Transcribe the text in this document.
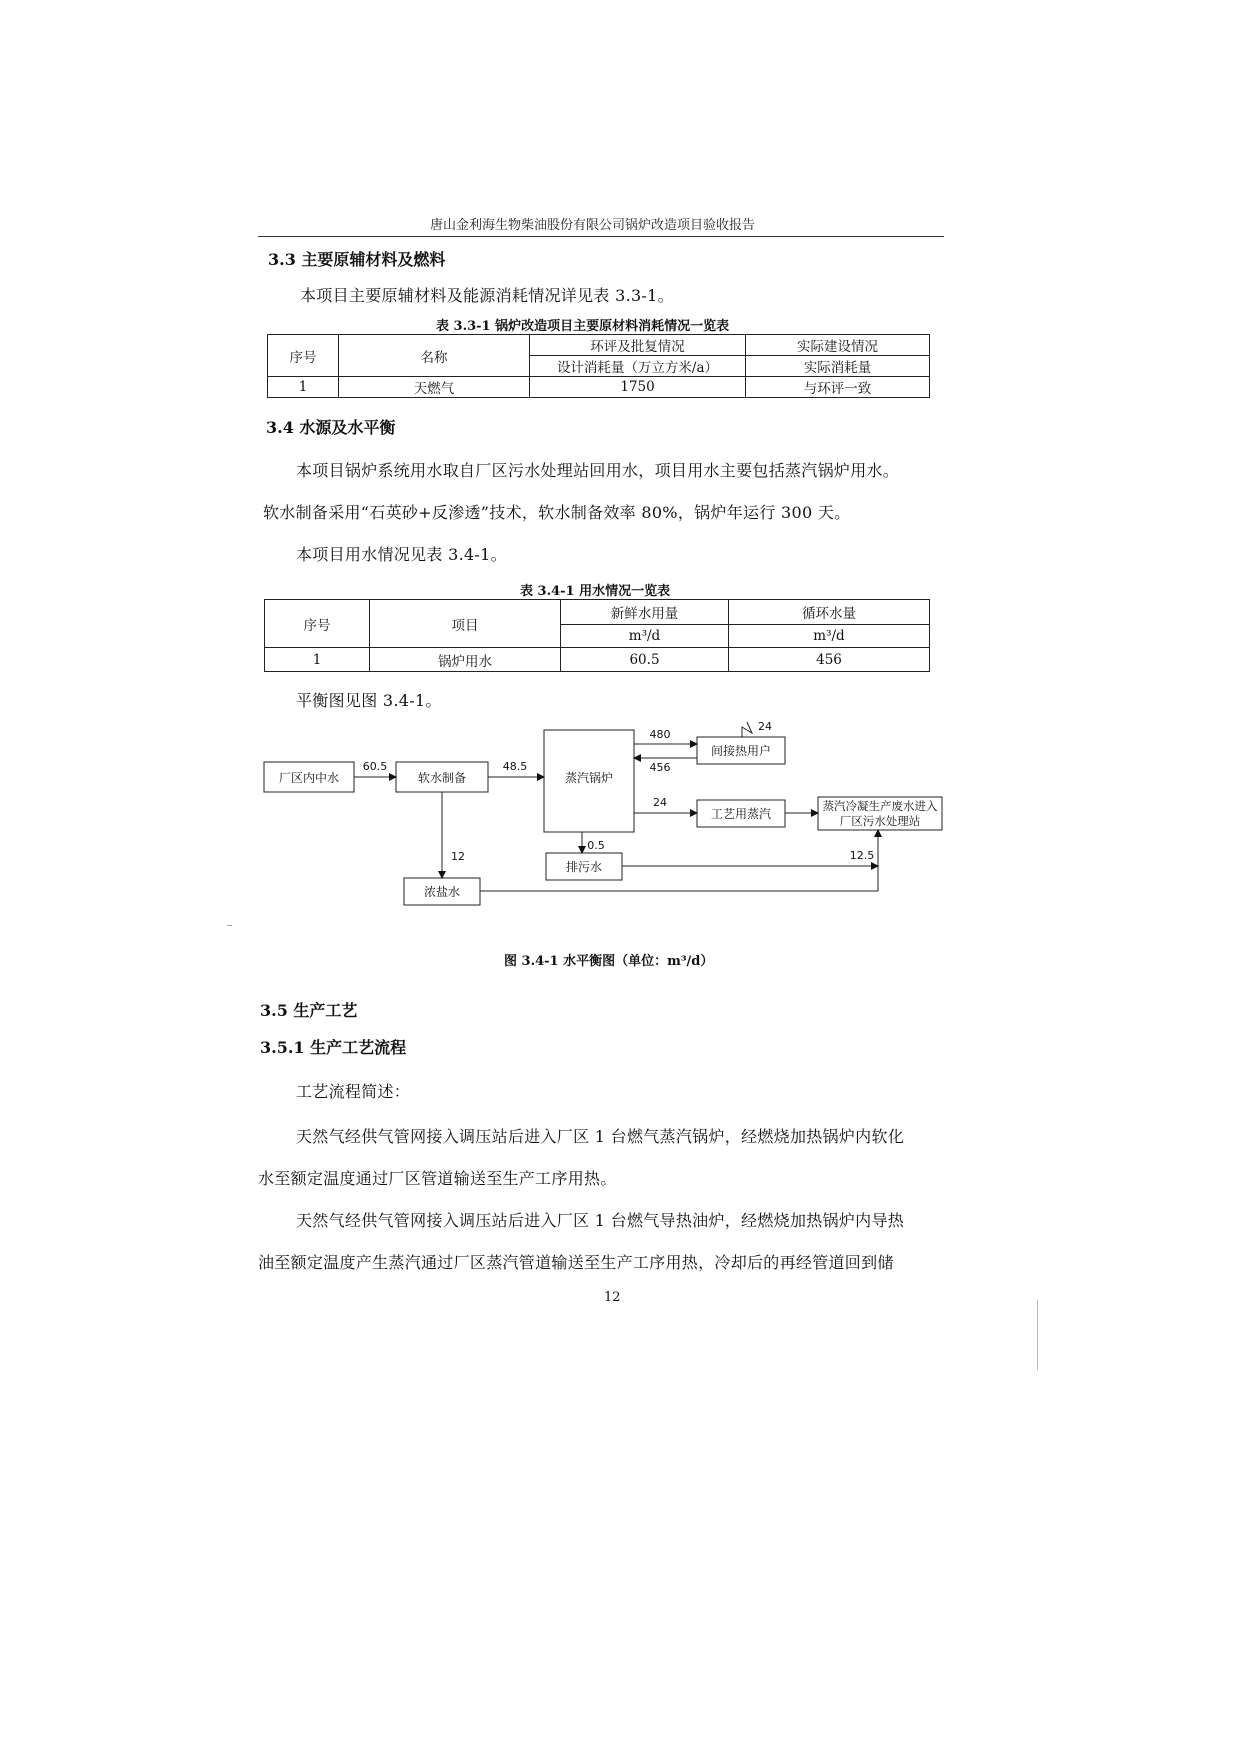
唐山金利海生物柴油股份有限公司锅炉改造项目验收报告
3.3 主要原辅材料及燃料
本项目主要原辅材料及能源消耗情况详见表 3.3-1。
表 3.3-1 锅炉改造项目主要原材料消耗情况一览表
序号	名称	环评及批复情况	实际建设情况
		设计消耗量（万立方米/a）	实际消耗量
1	天燃气	1750	与环评一致
3.4 水源及水平衡
本项目锅炉系统用水取自厂区污水处理站回用水，项目用水主要包括蒸汽锅炉用水。
软水制备采用“石英砂+反渗透”技术，软水制备效率 80%，锅炉年运行 300 天。
本项目用水情况见表 3.4-1。
表 3.4-1 用水情况一览表
序号	项目	新鲜水用量	循环水量
		m³/d	m³/d
1	锅炉用水	60.5	456
平衡图见图 3.4-1。
厂区内中水	软水制备	蒸汽锅炉
间接热用户
工艺用蒸汽
蒸汽冷凝生产废水进入
厂区污水处理站
排污水
浓盐水
60.5	48.5
480
456
24
24
0.5
12	12.5
图 3.4-1 水平衡图（单位：m³/d）
3.5 生产工艺
3.5.1 生产工艺流程
工艺流程简述：
天然气经供气管网接入调压站后进入厂区 1 台燃气蒸汽锅炉，经燃烧加热锅炉内软化
水至额定温度通过厂区管道输送至生产工序用热。
天然气经供气管网接入调压站后进入厂区 1 台燃气导热油炉，经燃烧加热锅炉内导热
油至额定温度产生蒸汽通过厂区蒸汽管道输送至生产工序用热，冷却后的再经管道回到储
12
